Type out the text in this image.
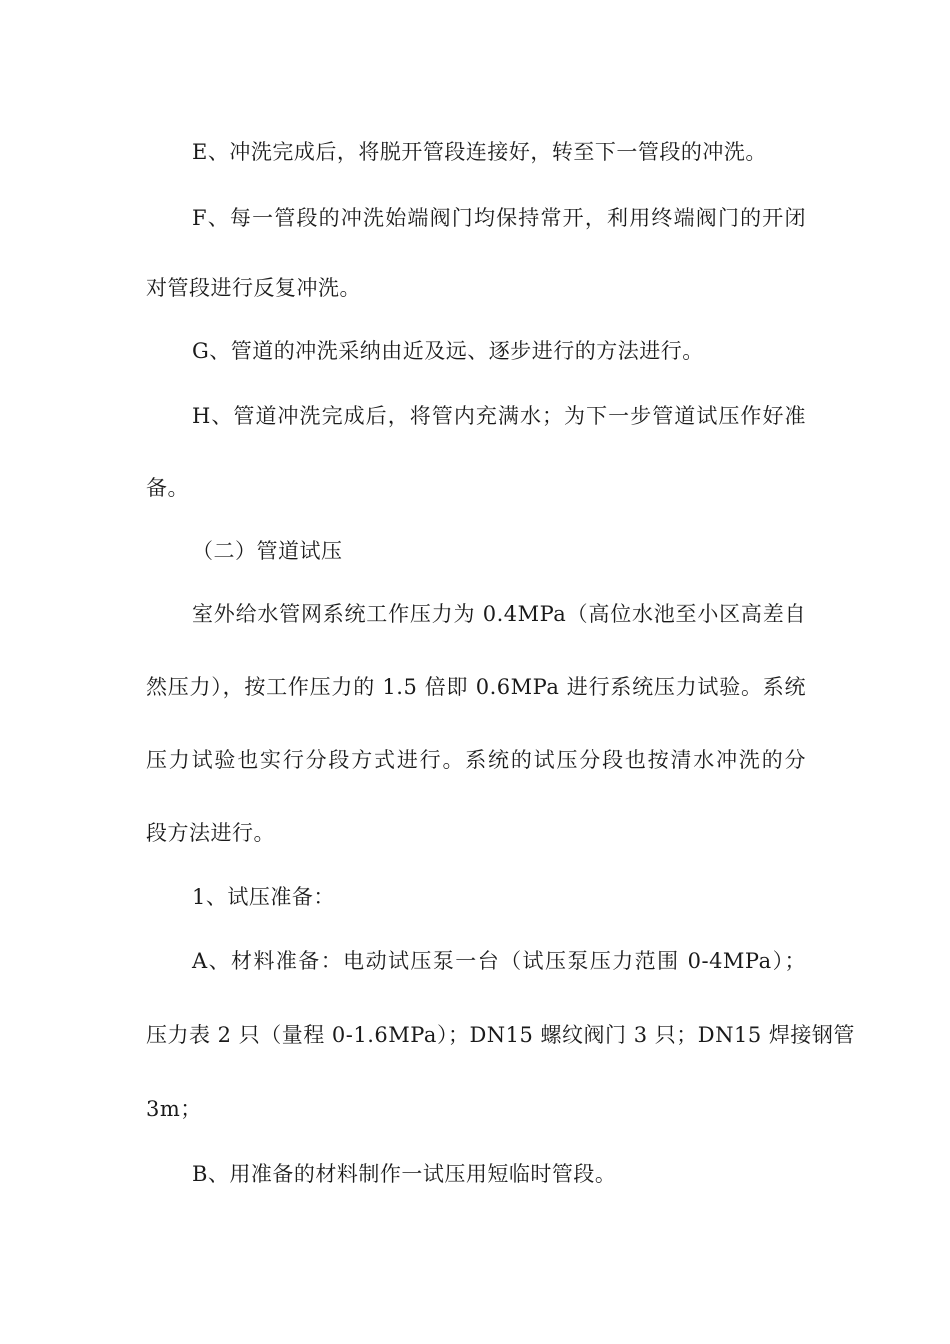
E、冲洗完成后，将脱开管段连接好，转至下一管段的冲洗。
F、每一管段的冲洗始端阀门均保持常开，利用终端阀门的开闭
对管段进行反复冲洗。
G、管道的冲洗采纳由近及远、逐步进行的方法进行。
H、管道冲洗完成后，将管内充满水；为下一步管道试压作好准
备。
（二）管道试压
室外给水管网系统工作压力为 0.4MPa（高位水池至小区高差自
然压力），按工作压力的 1.5 倍即 0.6MPa 进行系统压力试验。系统
压力试验也实行分段方式进行。系统的试压分段也按清水冲洗的分
段方法进行。
1、试压准备：
A、材料准备：电动试压泵一台（试压泵压力范围 0-4MPa）；
压力表 2 只（量程 0-1.6MPa）；DN15 螺纹阀门 3 只；DN15 焊接钢管
3m；
B、用准备的材料制作一试压用短临时管段。
